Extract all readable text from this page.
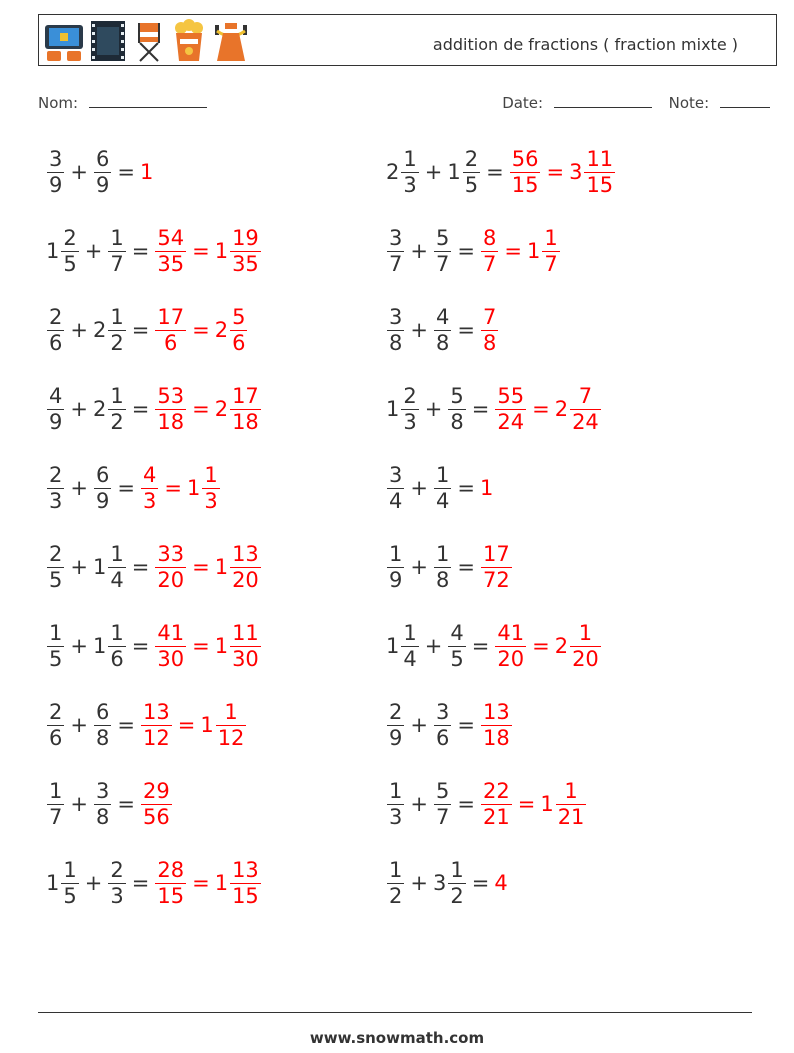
addition de fractions ( fraction mixte )
Nom:	Date:	Note:
$\frac{3}{9} + \frac{6}{9} = 1$	$2 \frac{1}{3} + 1 \frac{2}{5} = \frac{56}{15} = 3 \frac{11}{15}$
$1 \frac{2}{5} + \frac{1}{7} = \frac{54}{35} = 1 \frac{19}{35}$	$\frac{3}{7} + \frac{5}{7} = \frac{8}{7} = 1 \frac{1}{7}$
$\frac{2}{6} + 2 \frac{1}{2} = \frac{17}{6} = 2 \frac{5}{6}$	$\frac{3}{8} + \frac{4}{8} = \frac{7}{8}$
$\frac{4}{9} + 2 \frac{1}{2} = \frac{53}{18} = 2 \frac{17}{18}$	$1 \frac{2}{3} + \frac{5}{8} = \frac{55}{24} = 2 \frac{7}{24}$
$\frac{2}{3} + \frac{6}{9} = \frac{4}{3} = 1 \frac{1}{3}$	$\frac{3}{4} + \frac{1}{4} = 1$
$\frac{2}{5} + 1 \frac{1}{4} = \frac{33}{20} = 1 \frac{13}{20}$	$\frac{1}{9} + \frac{1}{8} = \frac{17}{72}$
$\frac{1}{5} + 1 \frac{1}{6} = \frac{41}{30} = 1 \frac{11}{30}$	$1 \frac{1}{4} + \frac{4}{5} = \frac{41}{20} = 2 \frac{1}{20}$
$\frac{2}{6} + \frac{6}{8} = \frac{13}{12} = 1 \frac{1}{12}$	$\frac{2}{9} + \frac{3}{6} = \frac{13}{18}$
$\frac{1}{7} + \frac{3}{8} = \frac{29}{56}$	$\frac{1}{3} + \frac{5}{7} = \frac{22}{21} = 1 \frac{1}{21}$
$1 \frac{1}{5} + \frac{2}{3} = \frac{28}{15} = 1 \frac{13}{15}$	$\frac{1}{2} + 3 \frac{1}{2} = 4$
www.snowmath.com
